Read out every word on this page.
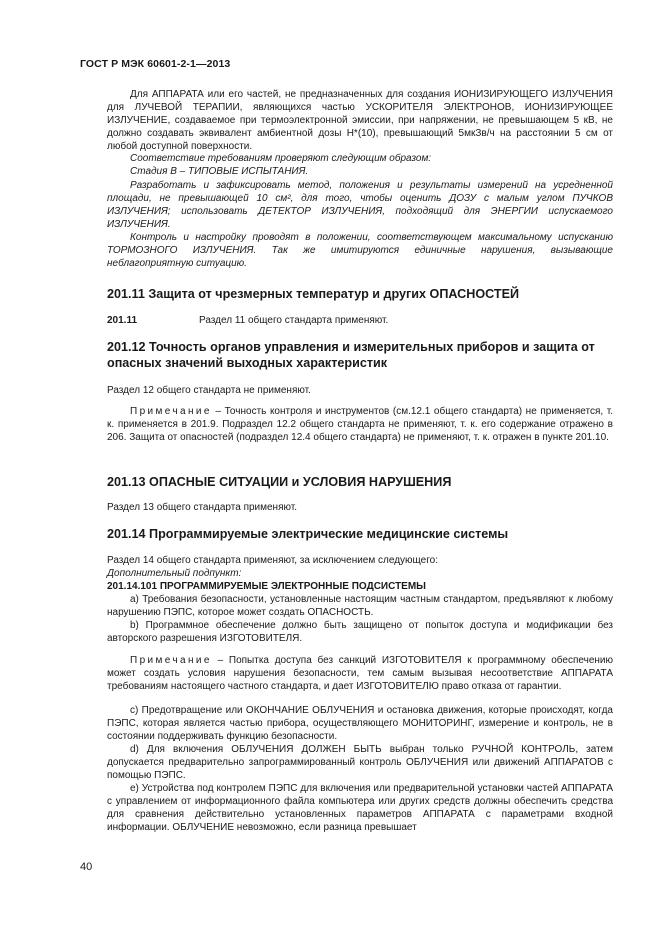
ГОСТ Р МЭК 60601-2-1—2013

Для АППАРАТА или его частей, не предназначенных для создания ИОНИЗИРУЮЩЕГО ИЗЛУЧЕНИЯ для ЛУЧЕВОЙ ТЕРАПИИ, являющихся частью УСКОРИТЕЛЯ ЭЛЕКТРОНОВ, ИОНИЗИРУЮЩЕЕ ИЗЛУЧЕНИЕ, создаваемое при термоэлектронной эмиссии, при напряжении, не превышающем 5 кВ, не должно создавать эквивалент амбиентной дозы H*(10), превышающий 5мкЗв/ч на расстоянии 5 см от любой доступной поверхности.

Соответствие требованиям проверяют следующим образом:

Стадия B – ТИПОВЫЕ ИСПЫТАНИЯ.

Разработать и зафиксировать метод, положения и результаты измерений на усредненной площади, не превышающей 10 см², для того, чтобы оценить ДОЗУ с малым углом ПУЧКОВ ИЗЛУЧЕНИЯ; использовать ДЕТЕКТОР ИЗЛУЧЕНИЯ, подходящий для ЭНЕРГИИ испускаемого ИЗЛУЧЕНИЯ.

Контроль и настройку проводят в положении, соответствующем максимальному испусканию ТОРМОЗНОГО ИЗЛУЧЕНИЯ. Так же имитируются единичные нарушения, вызывающие неблагоприятную ситуацию.

201.11 Защита от чрезмерных температур и других ОПАСНОСТЕЙ

201.11	Раздел 11 общего стандарта применяют.

201.12 Точность органов управления и измерительных приборов и защита от опасных значений выходных характеристик

Раздел 12 общего стандарта не применяют.

Примечание – Точность контроля и инструментов (см.12.1 общего стандарта) не применяется, т. к. применяется в 201.9. Подраздел 12.2 общего стандарта не применяют, т. к. его содержание отражено в 206. Защита от опасностей (подраздел 12.4 общего стандарта) не применяют, т. к. отражен в пункте 201.10.

201.13 ОПАСНЫЕ СИТУАЦИИ и УСЛОВИЯ НАРУШЕНИЯ

Раздел 13 общего стандарта применяют.

201.14 Программируемые электрические медицинские системы

Раздел 14 общего стандарта применяют, за исключением следующего:

Дополнительный подпункт:

201.14.101 ПРОГРАММИРУЕМЫЕ ЭЛЕКТРОННЫЕ ПОДСИСТЕМЫ

а) Требования безопасности, установленные настоящим частным стандартом, предъявляют к любому нарушению ПЭПС, которое может создать ОПАСНОСТЬ.

b) Программное обеспечение должно быть защищено от попыток доступа и модификации без авторского разрешения ИЗГОТОВИТЕЛЯ.

Примечание – Попытка доступа без санкций ИЗГОТОВИТЕЛЯ к программному обеспечению может создать условия нарушения безопасности, тем самым вызывая несоответствие АППАРАТА требованиям настоящего частного стандарта, и дает ИЗГОТОВИТЕЛЮ право отказа от гарантии.

c) Предотвращение или ОКОНЧАНИЕ ОБЛУЧЕНИЯ и остановка движения, которые происходят, когда ПЭПС, которая является частью прибора, осуществляющего МОНИТОРИНГ, измерение и контроль, не в состоянии поддерживать функцию безопасности.

d) Для включения ОБЛУЧЕНИЯ ДОЛЖЕН БЫТЬ выбран только РУЧНОЙ КОНТРОЛЬ, затем допускается предварительно запрограммированный контроль ОБЛУЧЕНИЯ или движений АППАРАТОВ с помощью ПЭПС.

е) Устройства под контролем ПЭПС для включения или предварительной установки частей АППАРАТА с управлением от информационного файла компьютера или других средств должны обеспечить средства для сравнения действительно установленных параметров АППАРАТА с параметрами входной информации. ОБЛУЧЕНИЕ невозможно, если разница превышает

40
